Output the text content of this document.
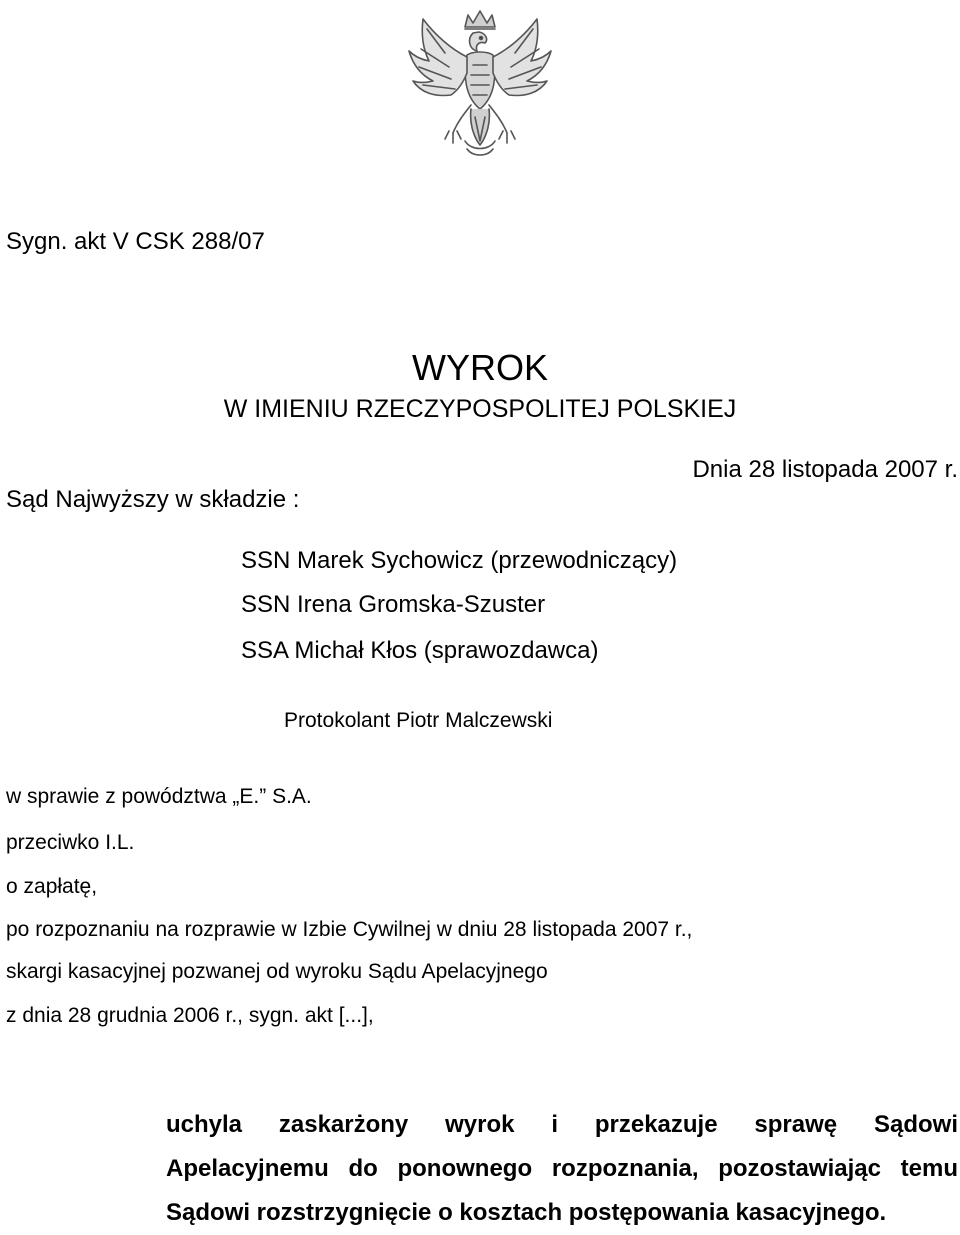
Sygn. akt V CSK 288/07
WYROK
W IMIENIU RZECZYPOSPOLITEJ POLSKIEJ
Dnia 28 listopada 2007 r.
Sąd Najwyższy w składzie :
SSN Marek Sychowicz (przewodniczący)
SSN Irena Gromska-Szuster
SSA Michał Kłos (sprawozdawca)
Protokolant Piotr Malczewski
w sprawie z powództwa „E.” S.A.
przeciwko I.L.
o zapłatę,
po rozpoznaniu na rozprawie w Izbie Cywilnej w dniu 28 listopada 2007 r.,
skargi kasacyjnej pozwanej od wyroku Sądu Apelacyjnego
z dnia 28 grudnia 2006 r., sygn. akt [...],
uchyla zaskarżony wyrok i przekazuje sprawę Sądowi
Apelacyjnemu do ponownego rozpoznania, pozostawiając temu
Sądowi rozstrzygnięcie o kosztach postępowania kasacyjnego.
